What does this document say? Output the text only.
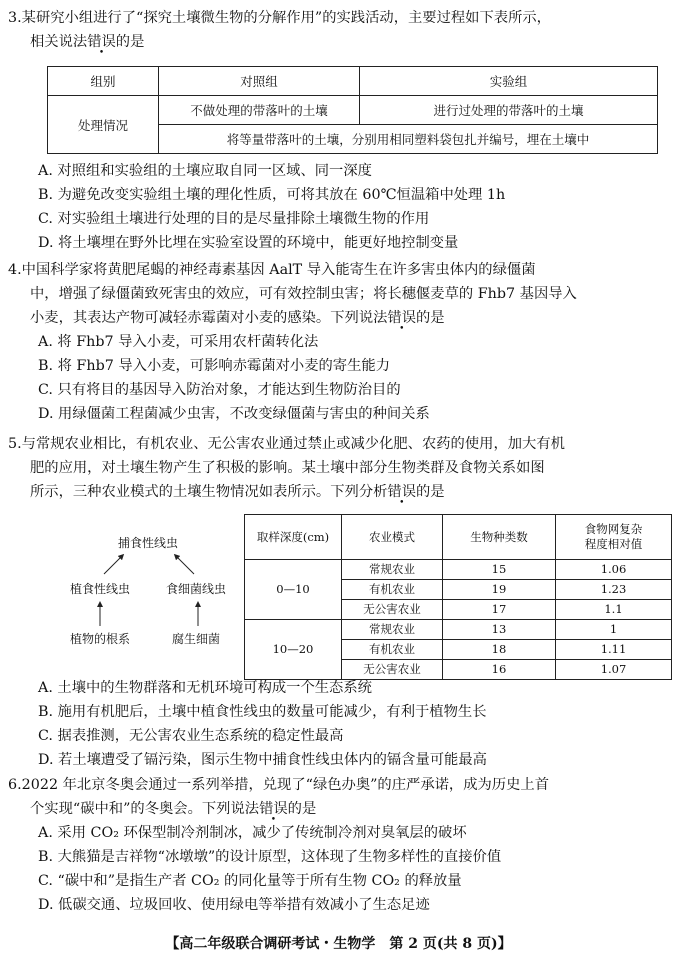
3.某研究小组进行了“探究土壤微生物的分解作用”的实践活动，主要过程如下表所示，
相关说法错误的是

组别	对照组	实验组
处理情况	不做处理的带落叶的土壤	进行过处理的带落叶的土壤
	将等量带落叶的土壤，分别用相同塑料袋包扎并编号，埋在土壤中	

A. 对照组和实验组的土壤应取自同一区域、同一深度

B. 为避免改变实验组土壤的理化性质，可将其放在 60℃恒温箱中处理 1h

C. 对实验组土壤进行处理的目的是尽量排除土壤微生物的作用

D. 将土壤埋在野外比埋在实验室设置的环境中，能更好地控制变量

4.中国科学家将黄肥尾蝎的神经毒素基因 AalT 导入能寄生在许多害虫体内的绿僵菌
中，增强了绿僵菌致死害虫的效应，可有效控制虫害；将长穗偃麦草的 Fhb7 基因导入
小麦，其表达产物可减轻赤霉菌对小麦的感染。下列说法错误的是

A. 将 Fhb7 导入小麦，可采用农杆菌转化法

B. 将 Fhb7 导入小麦，可影响赤霉菌对小麦的寄生能力

C. 只有将目的基因导入防治对象，才能达到生物防治目的

D. 用绿僵菌工程菌减少虫害，不改变绿僵菌与害虫的种间关系

5.与常规农业相比，有机农业、无公害农业通过禁止或减少化肥、农药的使用，加大有机
肥的应用，对土壤生物产生了积极的影响。某土壤中部分生物类群及食物关系如图
所示，三种农业模式的土壤生物情况如表所示。下列分析错误的是

捕食性线虫
植食性线虫	食细菌线虫
植物的根系	腐生细菌
取样深度(cm)	农业模式	生物种类数	食物网复杂
程度相对值
0—10	常规农业	15	1.06
	有机农业	19	1.23
	无公害农业	17	1.1
10—20	常规农业	13	1
	有机农业	18	1.11
	无公害农业	16	1.07

A. 土壤中的生物群落和无机环境可构成一个生态系统

B. 施用有机肥后，土壤中植食性线虫的数量可能减少，有利于植物生长

C. 据表推测，无公害农业生态系统的稳定性最高

D. 若土壤遭受了镉污染，图示生物中捕食性线虫体内的镉含量可能最高

6.2022 年北京冬奥会通过一系列举措，兑现了“绿色办奥”的庄严承诺，成为历史上首
个实现“碳中和”的冬奥会。下列说法错误的是

A. 采用 CO₂ 环保型制冷剂制冰，减少了传统制冷剂对臭氧层的破坏

B. 大熊猫是吉祥物“冰墩墩”的设计原型，这体现了生物多样性的直接价值

C. “碳中和”是指生产者 CO₂ 的同化量等于所有生物 CO₂ 的释放量

D. 低碳交通、垃圾回收、使用绿电等举措有效减小了生态足迹

【高二年级联合调研考试・生物学　第 2 页(共 8 页)】
